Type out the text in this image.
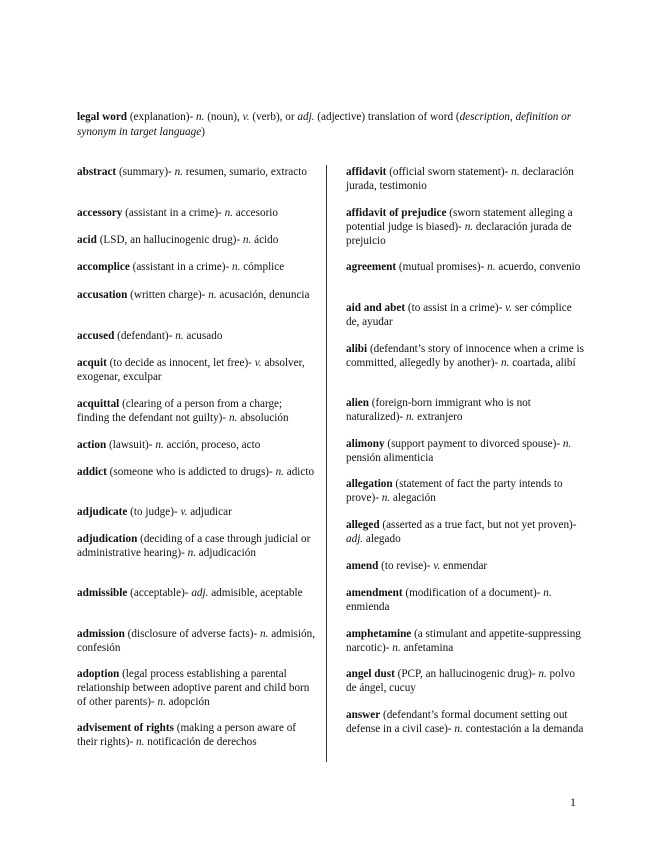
legal word (explanation)- n. (noun), v. (verb), or adj. (adjective) translation of word (description, definition or synonym in target language)
abstract (summary)- n. resumen, sumario, extracto
accessory (assistant in a crime)- n. accesorio
acid (LSD, an hallucinogenic drug)- n. ácido
accomplice (assistant in a crime)- n. cómplice
accusation (written charge)- n. acusación, denuncia
accused (defendant)- n. acusado
acquit (to decide as innocent, let free)- v. absolver, exogenar, exculpar
acquittal (clearing of a person from a charge; finding the defendant not guilty)- n. absolución
action (lawsuit)- n. acción, proceso, acto
addict (someone who is addicted to drugs)- n. adicto
adjudicate (to judge)- v. adjudicar
adjudication (deciding of a case through judicial or administrative hearing)- n. adjudicación
admissible (acceptable)- adj. admisible, aceptable
admission (disclosure of adverse facts)- n. admisión, confesión
adoption (legal process establishing a parental relationship between adoptive parent and child born of other parents)- n. adopción
advisement of rights (making a person aware of their rights)- n. notificación de derechos
affidavit (official sworn statement)- n. declaración jurada, testimonio
affidavit of prejudice (sworn statement alleging a potential judge is biased)- n. declaración jurada de prejuicio
agreement (mutual promises)- n. acuerdo, convenio
aid and abet (to assist in a crime)- v. ser cómplice de, ayudar
alibi (defendant’s story of innocence when a crime is committed, allegedly by another)- n. coartada, alibí
alien (foreign-born immigrant who is not naturalized)- n. extranjero
alimony (support payment to divorced spouse)- n. pensión alimenticia
allegation (statement of fact the party intends to prove)- n. alegación
alleged (asserted as a true fact, but not yet proven)- adj. alegado
amend (to revise)- v. enmendar
amendment (modification of a document)- n. enmienda
amphetamine (a stimulant and appetite-suppressing narcotic)- n. anfetamina
angel dust (PCP, an hallucinogenic drug)- n. polvo de ángel, cucuy
answer (defendant’s formal document setting out defense in a civil case)- n. contestación a la demanda
1
